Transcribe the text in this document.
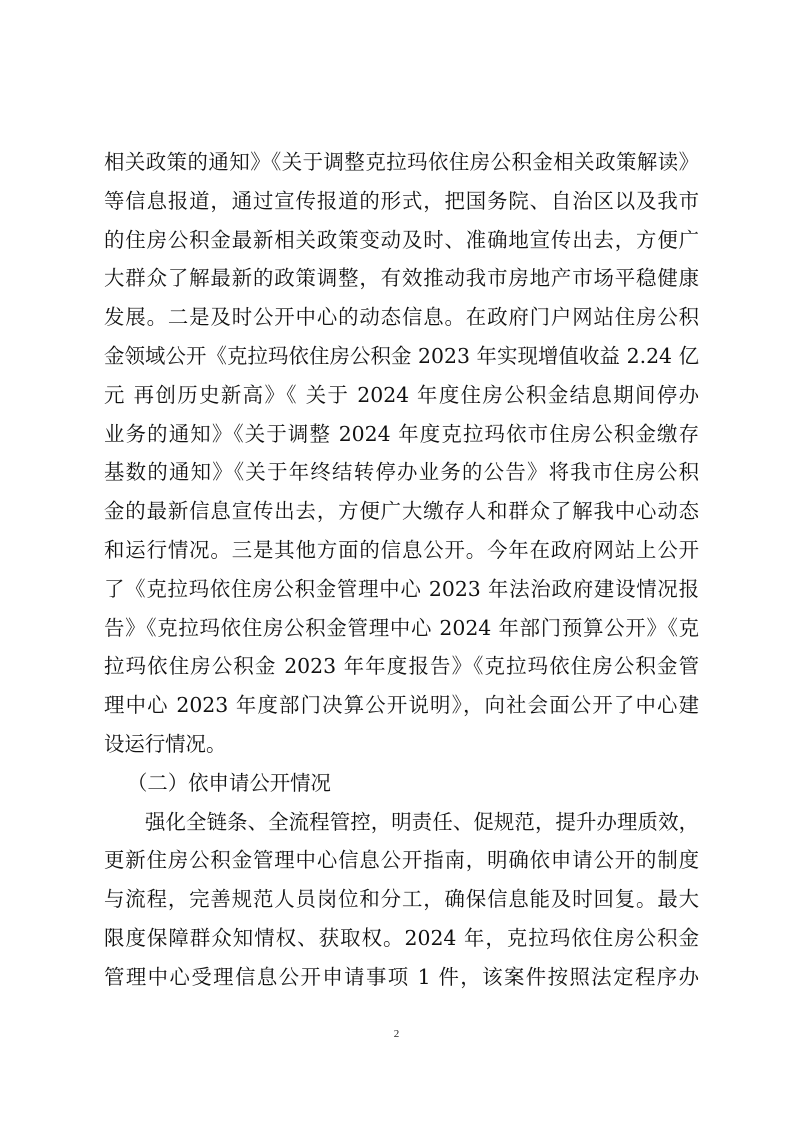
相关政策的通知》《关于调整克拉玛依住房公积金相关政策解读》
等信息报道，通过宣传报道的形式，把国务院、自治区以及我市
的住房公积金最新相关政策变动及时、准确地宣传出去，方便广
大群众了解最新的政策调整，有效推动我市房地产市场平稳健康
发展。二是及时公开中心的动态信息。在政府门户网站住房公积
金领域公开《克拉玛依住房公积金 2023 年实现增值收益 2.24 亿
元 再创历史新高》《 关于 2024 年度住房公积金结息期间停办
业务的通知》《关于调整 2024 年度克拉玛依市住房公积金缴存
基数的通知》《关于年终结转停办业务的公告》将我市住房公积
金的最新信息宣传出去，方便广大缴存人和群众了解我中心动态
和运行情况。三是其他方面的信息公开。今年在政府网站上公开
了《克拉玛依住房公积金管理中心 2023 年法治政府建设情况报
告》《克拉玛依住房公积金管理中心 2024 年部门预算公开》《克
拉玛依住房公积金 2023 年年度报告》《克拉玛依住房公积金管
理中心 2023 年度部门决算公开说明》，向社会面公开了中心建
设运行情况。
（二）依申请公开情况
强化全链条、全流程管控，明责任、促规范，提升办理质效，
更新住房公积金管理中心信息公开指南，明确依申请公开的制度
与流程，完善规范人员岗位和分工，确保信息能及时回复。最大
限度保障群众知情权、获取权。2024 年，克拉玛依住房公积金
管理中心受理信息公开申请事项 1 件，该案件按照法定程序办
2
